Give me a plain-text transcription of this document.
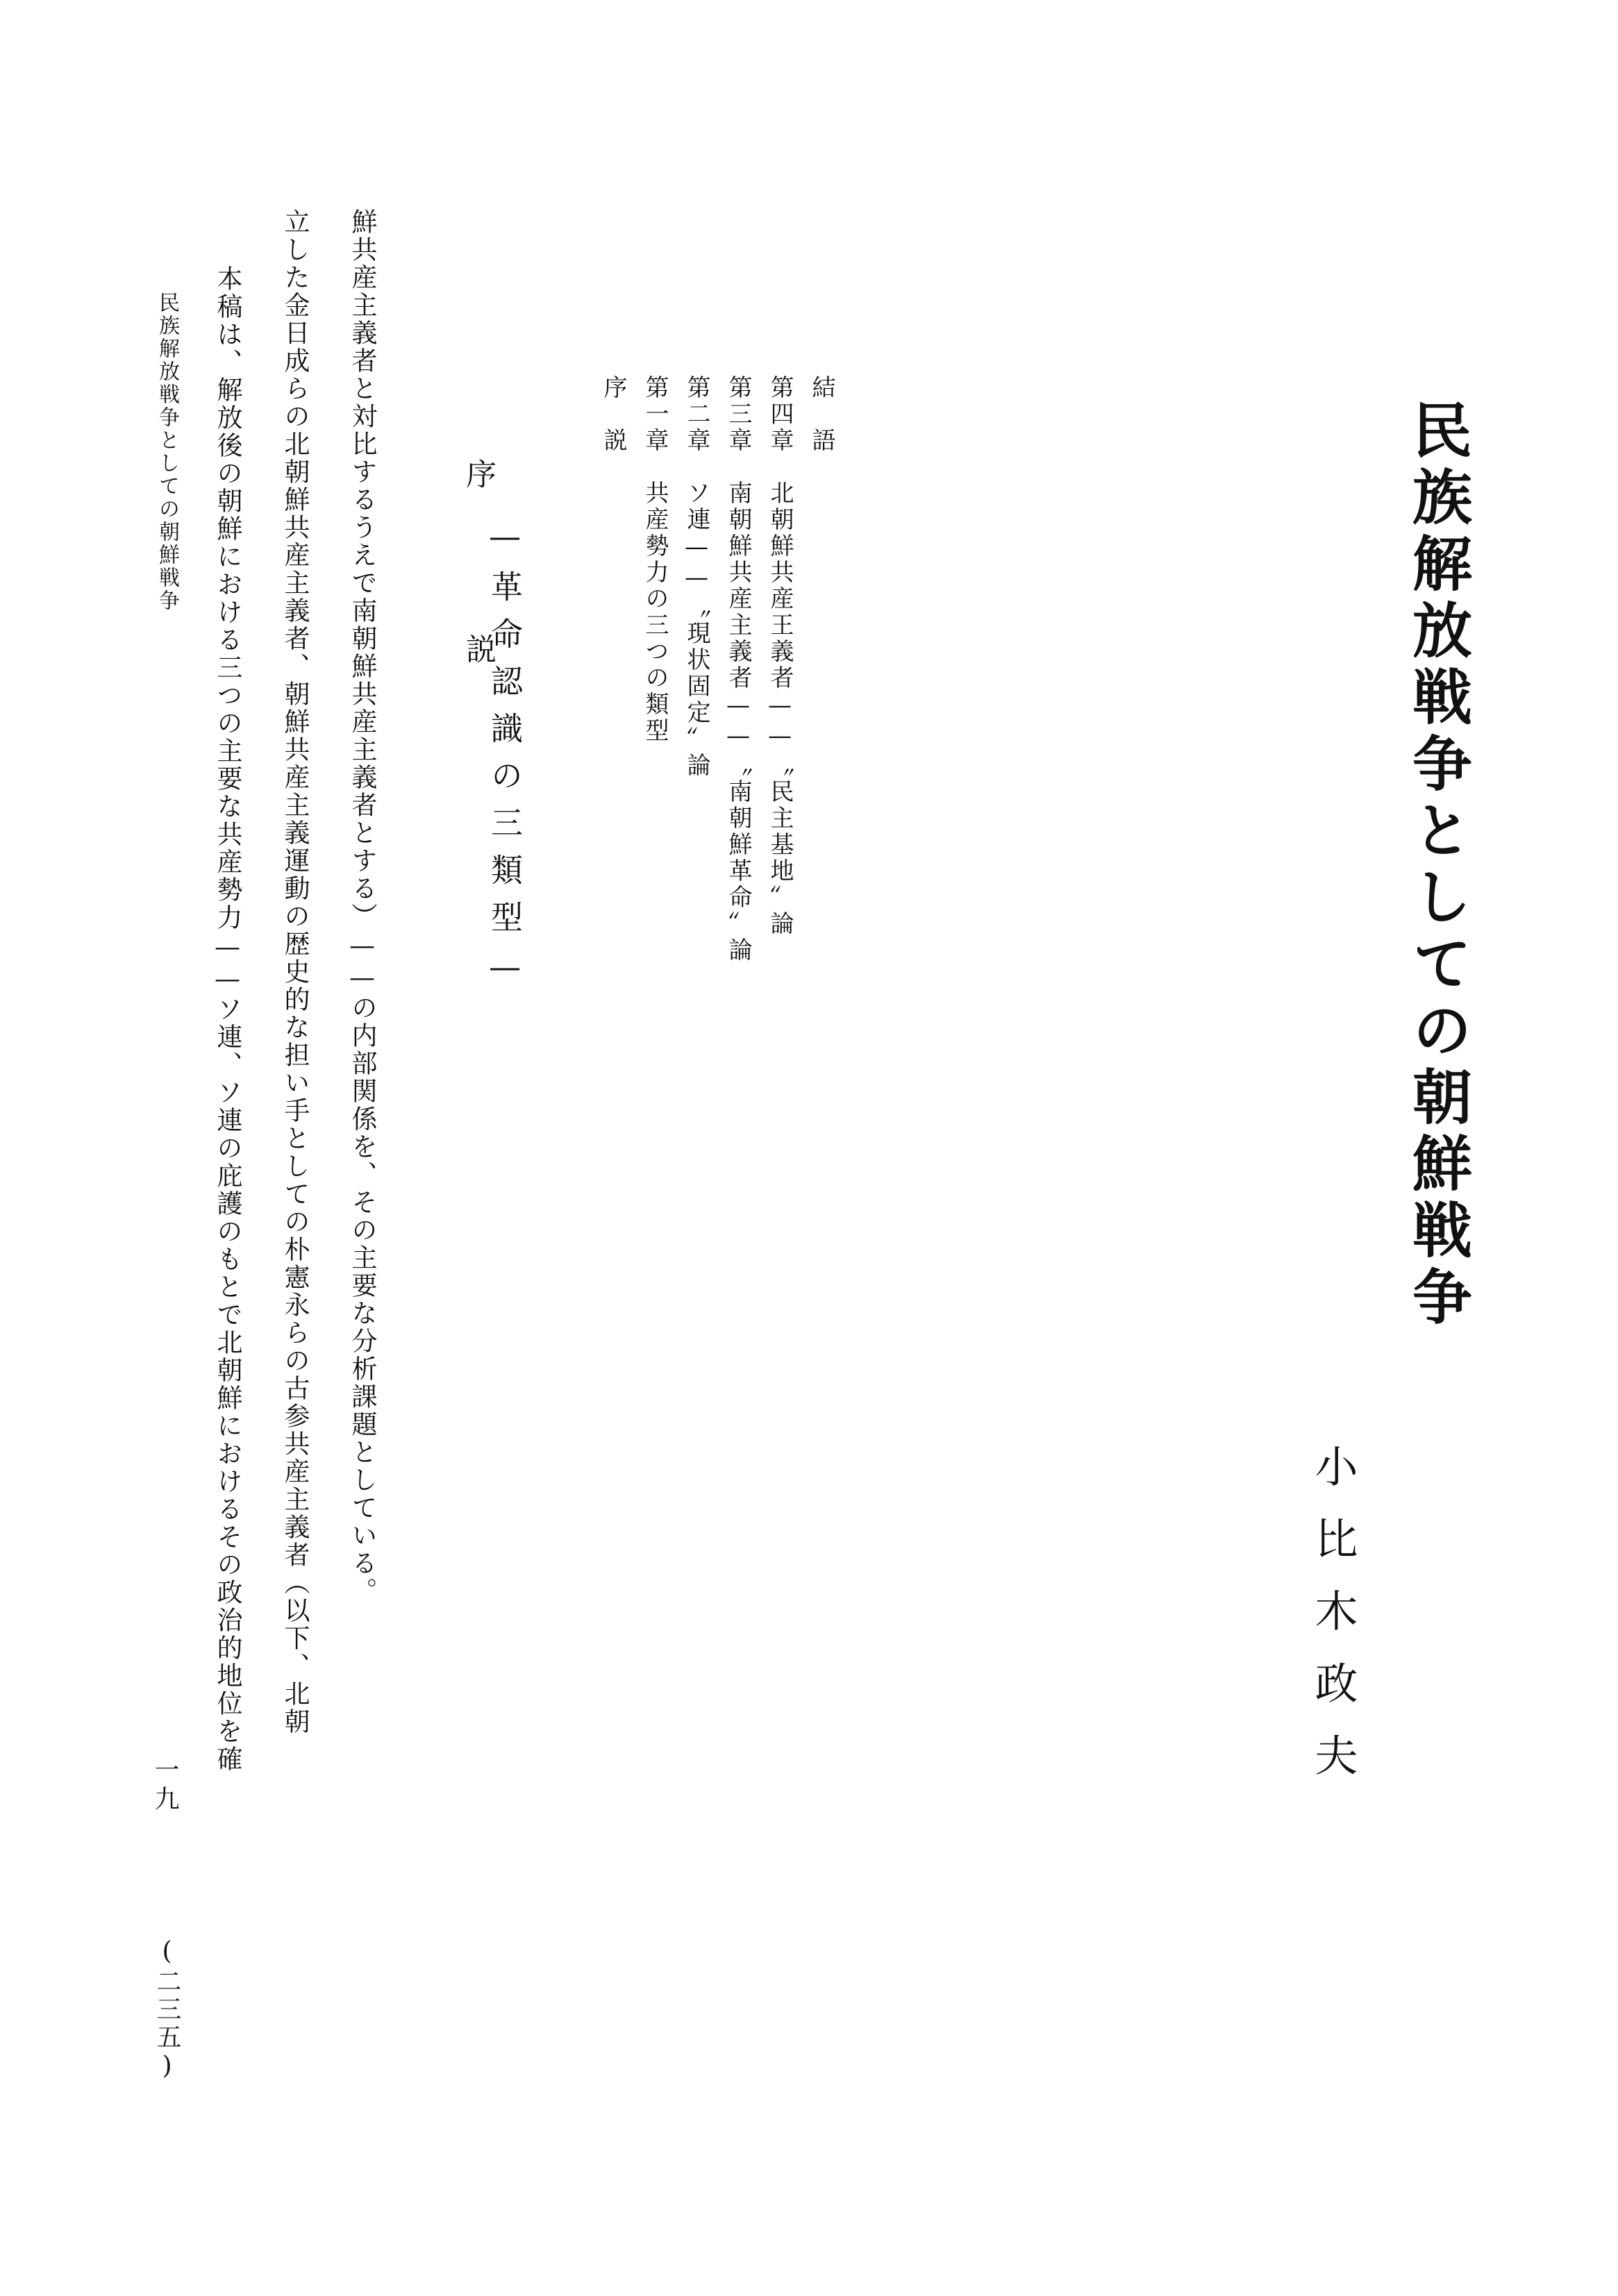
民族解放戦争としての朝鮮戦争
—革命認識の三類型—
小比木政夫
序　説 第一章　共産勢力の三つの類型 第二章　ソ連——〝現状固定〟論 第三章　南朝鮮共産主義者——〝南朝鮮革命〟論 第四章　北朝鮮共産王義者——〝民主基地〟論 結　語
序　　説
　本稿は、解放後の朝鮮における三つの主要な共産勢力——ソ連、ソ連の庇護のもとで北朝鮮におけるその政治的地位を確 立した金日成らの北朝鮮共産主義者、朝鮮共産主義運動の歴史的な担い手としての朴憲永らの古参共産主義者（以下、北朝 鮮共産主義者と対比するうえで南朝鮮共産主義者とする）——の内部関係を、その主要な分析課題としている。
民族解放戦争としての朝鮮戦争
一九
(二三五)
